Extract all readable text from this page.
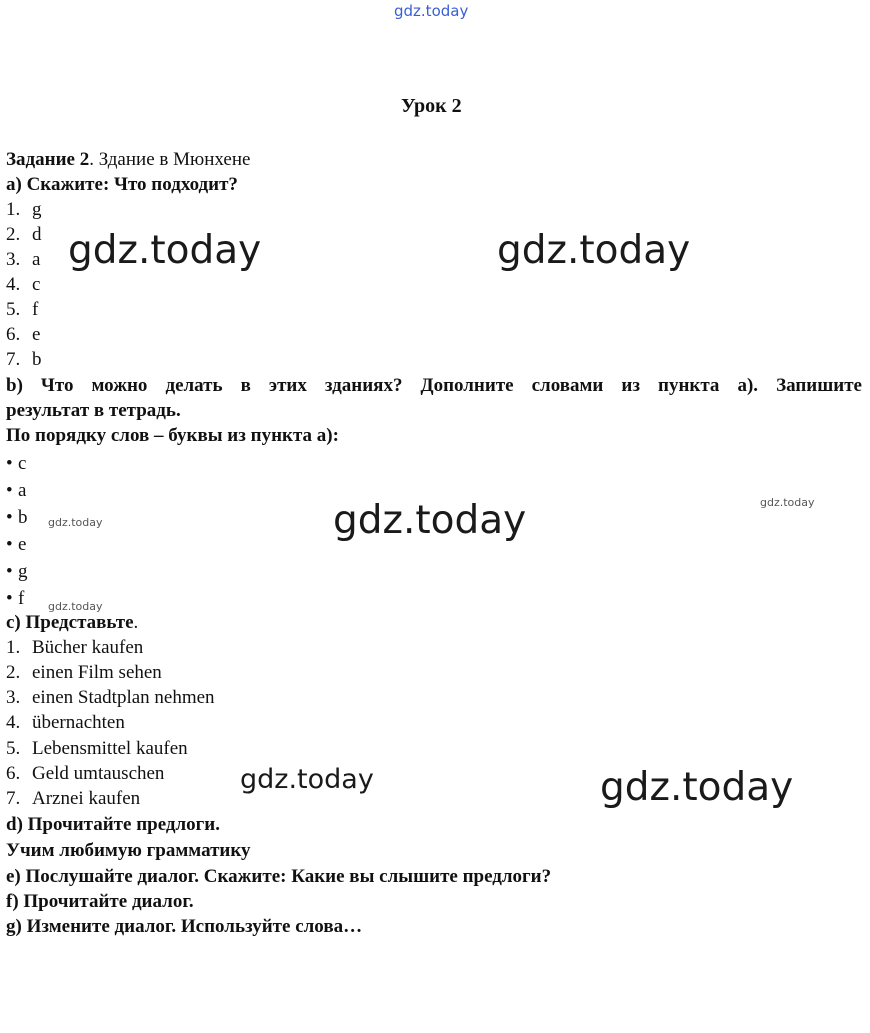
gdz.today
Урок 2
Задание 2. Здание в Мюнхене
a) Скажите: Что подходит?
1. g
2. d
3. a
4. c
5. f
6. e
7. b
b) Что можно делать в этих зданиях? Дополните словами из пункта а). Запишите
результат в тетрадь.
По порядку слов – буквы из пункта a):
• c
• a
• b
• e
• g
• f
c) Представьте.
1. Bücher kaufen
2. einen Film sehen
3. einen Stadtplan nehmen
4. übernachten
5. Lebensmittel kaufen
6. Geld umtauschen
7. Arznei kaufen
d) Прочитайте предлоги.
Учим любимую грамматику
e) Послушайте диалог. Скажите: Какие вы слышите предлоги?
f) Прочитайте диалог.
g) Измените диалог. Используйте слова…
gdz.today	gdz.today
gdz.today
gdz.today
gdz.today
gdz.today
gdz.today
gdz.today
